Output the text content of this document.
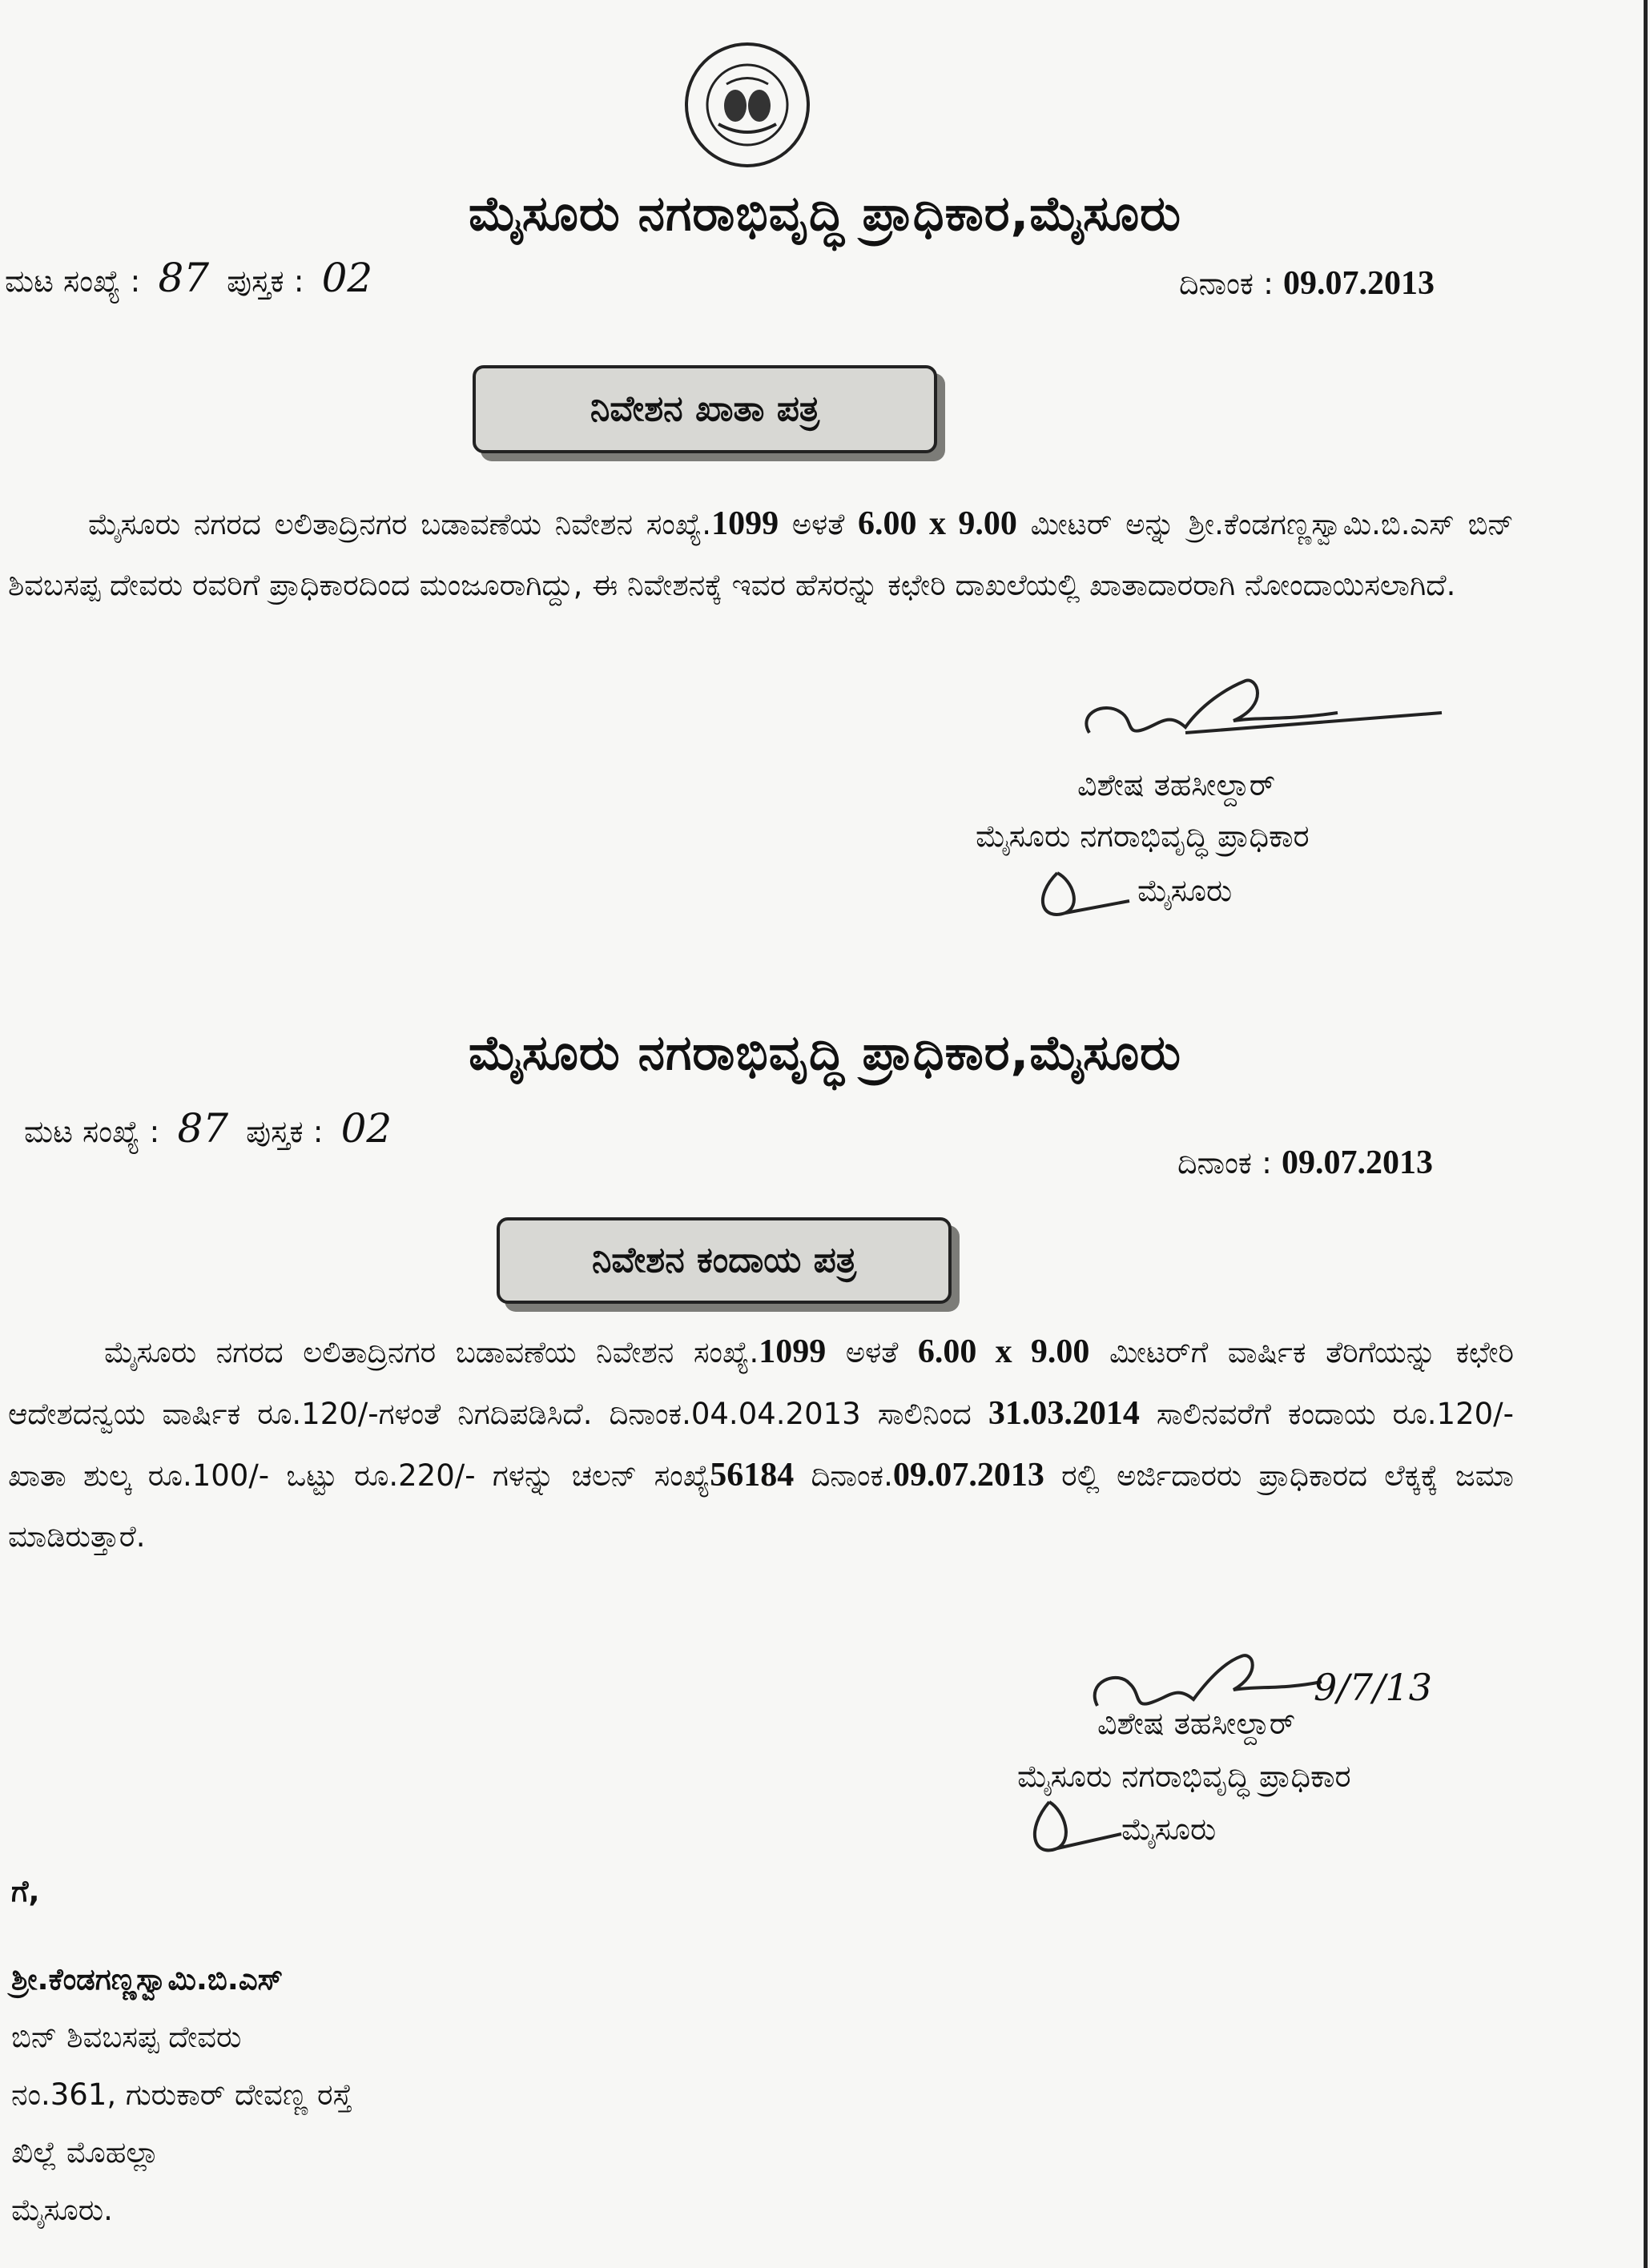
ಮೈಸೂರು ನಗರಾಭಿವೃದ್ಧಿ ಪ್ರಾಧಿಕಾರ,ಮೈಸೂರು
ಮಟ ಸಂಖ್ಯೆ : 87 ಪುಸ್ತಕ : 02	ದಿನಾಂಕ : 09.07.2013
ನಿವೇಶನ ಖಾತಾ ಪತ್ರ
ಮೈಸೂರು ನಗರದ ಲಲಿತಾದ್ರಿನಗರ ಬಡಾವಣೆಯ ನಿವೇಶನ ಸಂಖ್ಯೆ.1099 ಅಳತೆ 6.00 x 9.00 ಮೀಟರ್ ಅನ್ನು ಶ್ರೀ.ಕೆಂಡಗಣ್ಣಸ್ವಾಮಿ.ಬಿ.ಎಸ್ ಬಿನ್ ಶಿವಬಸಪ್ಪ ದೇವರು ರವರಿಗೆ ಪ್ರಾಧಿಕಾರದಿಂದ ಮಂಜೂರಾಗಿದ್ದು, ಈ ನಿವೇಶನಕ್ಕೆ ಇವರ ಹೆಸರನ್ನು ಕಛೇರಿ ದಾಖಲೆಯಲ್ಲಿ ಖಾತಾದಾರರಾಗಿ ನೋಂದಾಯಿಸಲಾಗಿದೆ.
ವಿಶೇಷ ತಹಸೀಲ್ದಾರ್
ಮೈಸೂರು ನಗರಾಭಿವೃದ್ಧಿ ಪ್ರಾಧಿಕಾರ
ಮೈಸೂರು
ಮೈಸೂರು ನಗರಾಭಿವೃದ್ಧಿ ಪ್ರಾಧಿಕಾರ,ಮೈಸೂರು
ಮಟ ಸಂಖ್ಯೆ : 87 ಪುಸ್ತಕ : 02
ದಿನಾಂಕ : 09.07.2013
ನಿವೇಶನ ಕಂದಾಯ ಪತ್ರ
ಮೈಸೂರು ನಗರದ ಲಲಿತಾದ್ರಿನಗರ ಬಡಾವಣೆಯ ನಿವೇಶನ ಸಂಖ್ಯೆ.1099 ಅಳತೆ 6.00 x 9.00 ಮೀಟರ್‌ಗೆ ವಾರ್ಷಿಕ ತೆರಿಗೆಯನ್ನು ಕಛೇರಿ ಆದೇಶದನ್ವಯ ವಾರ್ಷಿಕ ರೂ.120/-ಗಳಂತೆ ನಿಗದಿಪಡಿಸಿದೆ. ದಿನಾಂಕ.04.04.2013 ಸಾಲಿನಿಂದ 31.03.2014 ಸಾಲಿನವರೆಗೆ ಕಂದಾಯ ರೂ.120/- ಖಾತಾ ಶುಲ್ಕ ರೂ.100/- ಒಟ್ಟು ರೂ.220/- ಗಳನ್ನು ಚಲನ್ ಸಂಖ್ಯೆ56184 ದಿನಾಂಕ.09.07.2013 ರಲ್ಲಿ ಅರ್ಜಿದಾರರು ಪ್ರಾಧಿಕಾರದ ಲೆಕ್ಕಕ್ಕೆ ಜಮಾ ಮಾಡಿರುತ್ತಾರೆ.
9/7/13
ವಿಶೇಷ ತಹಸೀಲ್ದಾರ್
ಮೈಸೂರು ನಗರಾಭಿವೃದ್ಧಿ ಪ್ರಾಧಿಕಾರ
ಮೈಸೂರು
ಗೆ,
ಶ್ರೀ.ಕೆಂಡಗಣ್ಣಸ್ವಾಮಿ.ಬಿ.ಎಸ್
ಬಿನ್ ಶಿವಬಸಪ್ಪ ದೇವರು
ನಂ.361, ಗುರುಕಾರ್ ದೇವಣ್ಣ ರಸ್ತೆ
ಖಿಲ್ಲೆ ಮೊಹಲ್ಲಾ
ಮೈಸೂರು.
